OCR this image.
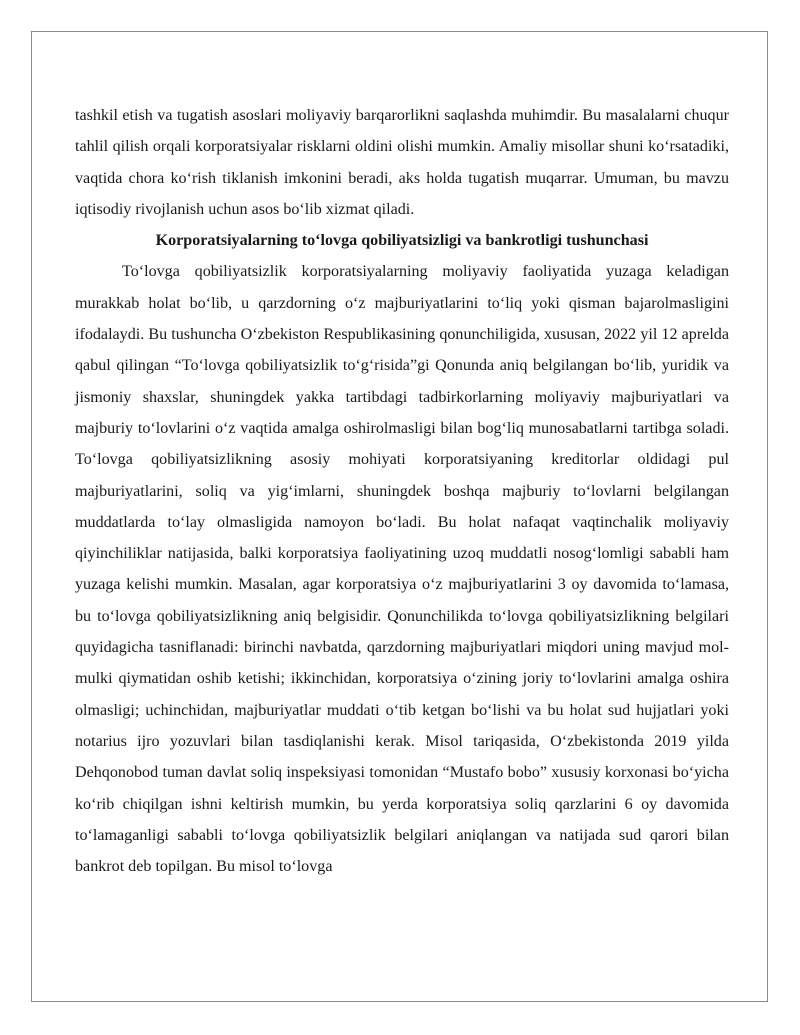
tashkil etish va tugatish asoslari moliyaviy barqarorlikni saqlashda muhimdir. Bu masalalarni chuqur tahlil qilish orqali korporatsiyalar risklarni oldini olishi mumkin. Amaliy misollar shuni ko‘rsatadiki, vaqtida chora ko‘rish tiklanish imkonini beradi, aks holda tugatish muqarrar. Umuman, bu mavzu iqtisodiy rivojlanish uchun asos bo‘lib xizmat qiladi.

Korporatsiyalarning to‘lovga qobiliyatsizligi va bankrotligi tushunchasi

To‘lovga qobiliyatsizlik korporatsiyalarning moliyaviy faoliyatida yuzaga keladigan murakkab holat bo‘lib, u qarzdorning o‘z majburiyatlarini to‘liq yoki qisman bajarolmasligini ifodalaydi. Bu tushuncha O‘zbekiston Respublikasining qonunchiligida, xususan, 2022 yil 12 aprelda qabul qilingan “To‘lovga qobiliyatsizlik to‘g‘risida”gi Qonunda aniq belgilangan bo‘lib, yuridik va jismoniy shaxslar, shuningdek yakka tartibdagi tadbirkorlarning moliyaviy majburiyatlari va majburiy to‘lovlarini o‘z vaqtida amalga oshirolmasligi bilan bog‘liq munosabatlarni tartibga soladi. To‘lovga qobiliyatsizlikning asosiy mohiyati korporatsiyaning kreditorlar oldidagi pul majburiyatlarini, soliq va yig‘imlarni, shuningdek boshqa majburiy to‘lovlarni belgilangan muddatlarda to‘lay olmasligida namoyon bo‘ladi. Bu holat nafaqat vaqtinchalik moliyaviy qiyinchiliklar natijasida, balki korporatsiya faoliyatining uzoq muddatli nosog‘lomligi sababli ham yuzaga kelishi mumkin. Masalan, agar korporatsiya o‘z majburiyatlarini 3 oy davomida to‘lamasa, bu to‘lovga qobiliyatsizlikning aniq belgisidir. Qonunchilikda to‘lovga qobiliyatsizlikning belgilari quyidagicha tasniflanadi: birinchi navbatda, qarzdorning majburiyatlari miqdori uning mavjud mol-mulki qiymatidan oshib ketishi; ikkinchidan, korporatsiya o‘zining joriy to‘lovlarini amalga oshira olmasligi; uchinchidan, majburiyatlar muddati o‘tib ketgan bo‘lishi va bu holat sud hujjatlari yoki notarius ijro yozuvlari bilan tasdiqlanishi kerak. Misol tariqasida, O‘zbekistonda 2019 yilda Dehqonobod tuman davlat soliq inspeksiyasi tomonidan “Mustafo bobo” xususiy korxonasi bo‘yicha ko‘rib chiqilgan ishni keltirish mumkin, bu yerda korporatsiya soliq qarzlarini 6 oy davomida to‘lamaganligi sababli to‘lovga qobiliyatsizlik belgilari aniqlangan va natijada sud qarori bilan bankrot deb topilgan. Bu misol to‘lovga
